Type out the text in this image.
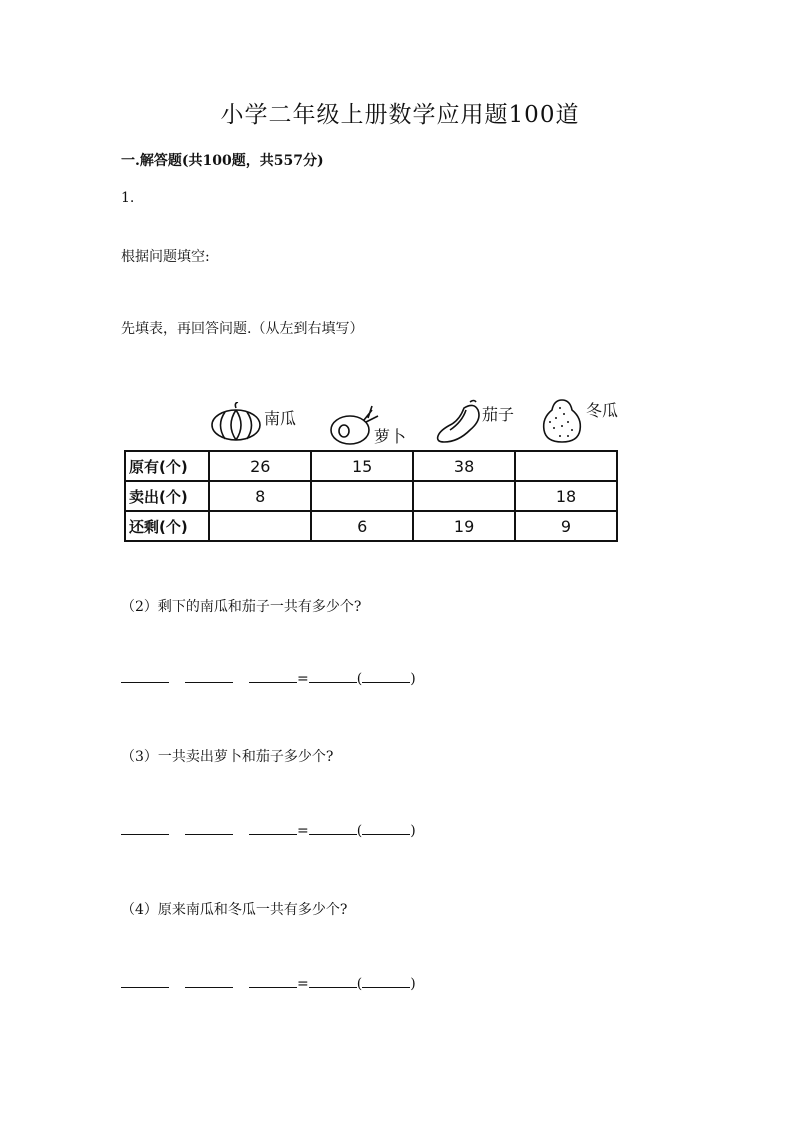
小学二年级上册数学应用题100道
一.解答题(共100题，共557分)
1.
根据问题填空:
先填表，再回答问题.（从左到右填写）
南瓜
萝卜
茄子	冬瓜
原有(个)	26	15	38	
卖出(个)	8			18
还剩(个)		6	19	9
（2）剩下的南瓜和茄子一共有多少个?
=	(	)
（3）一共卖出萝卜和茄子多少个?
=	(	)
（4）原来南瓜和冬瓜一共有多少个?
=	(	)
